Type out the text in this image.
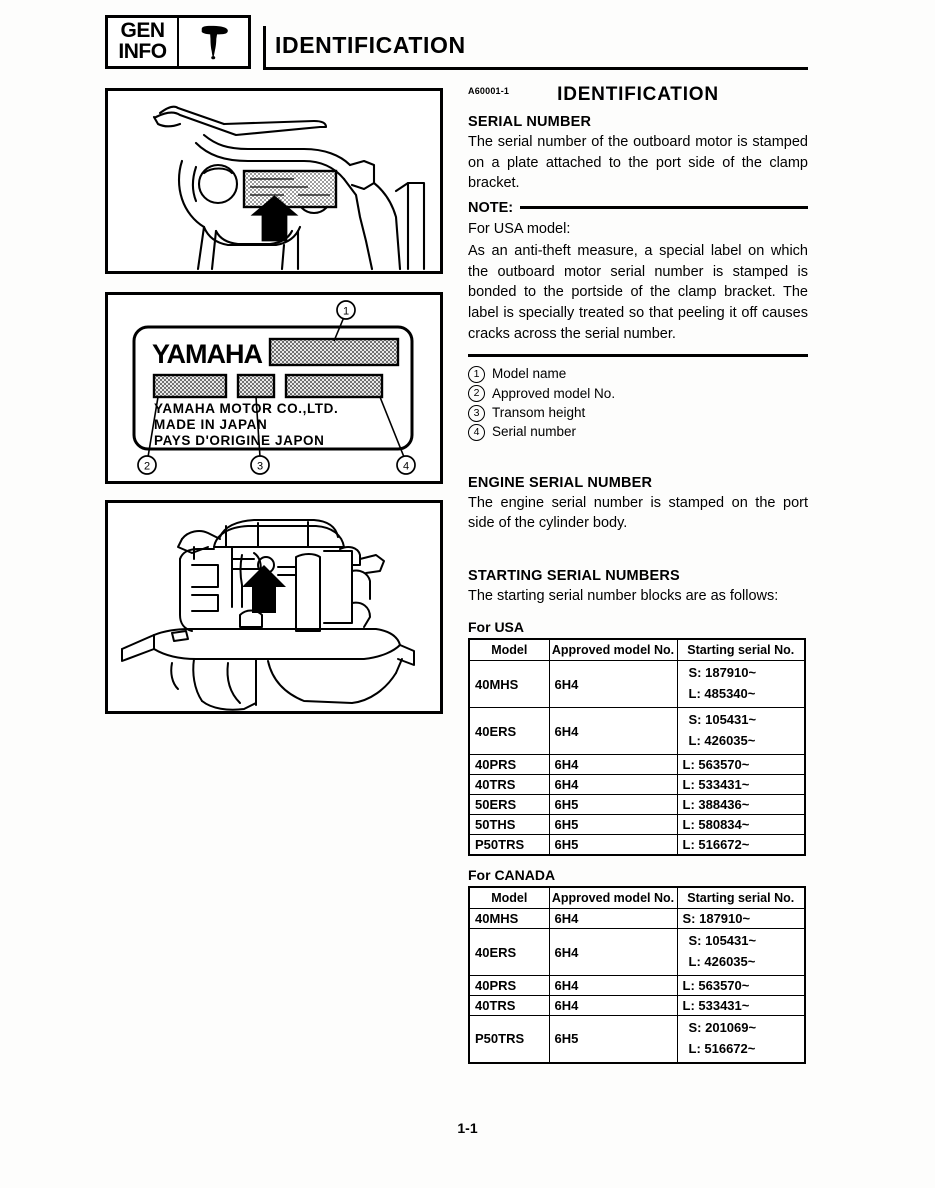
GEN
INFO	IDENTIFICATION
YAMAHA
YAMAHA MOTOR CO.,LTD.
MADE IN JAPAN
PAYS D'ORIGINE JAPON
1
2	3	4
A60001-1	IDENTIFICATION
SERIAL NUMBER

The serial number of the outboard motor is stamped on a plate attached to the port side of the clamp bracket.

NOTE:

For USA model:

As an anti-theft measure, a special label on which the outboard motor serial number is stamped is bonded to the portside of the clamp bracket. The label is specially treated so that peeling it off causes cracks across the serial number.

1 Model name
2 Approved model No.
3 Transom height
4 Serial number
ENGINE SERIAL NUMBER

The engine serial number is stamped on the port side of the cylinder body.

STARTING SERIAL NUMBERS

The starting serial number blocks are as follows:

For USA
Model	Approved model No.	Starting serial No.
40MHS	6H4	S: 187910~
L: 485340~

40ERS	6H4	S: 105431~
L: 426035~

40PRS	6H4	L: 563570~
40TRS	6H4	L: 533431~
50ERS	6H5	L: 388436~
50THS	6H5	L: 580834~
P50TRS	6H5	L: 516672~
For CANADA
Model	Approved model No.	Starting serial No.
40MHS	6H4	S: 187910~
40ERS	6H4	S: 105431~
L: 426035~

40PRS	6H4	L: 563570~
40TRS	6H4	L: 533431~
P50TRS	6H5	S: 201069~
L: 516672~
1-1
